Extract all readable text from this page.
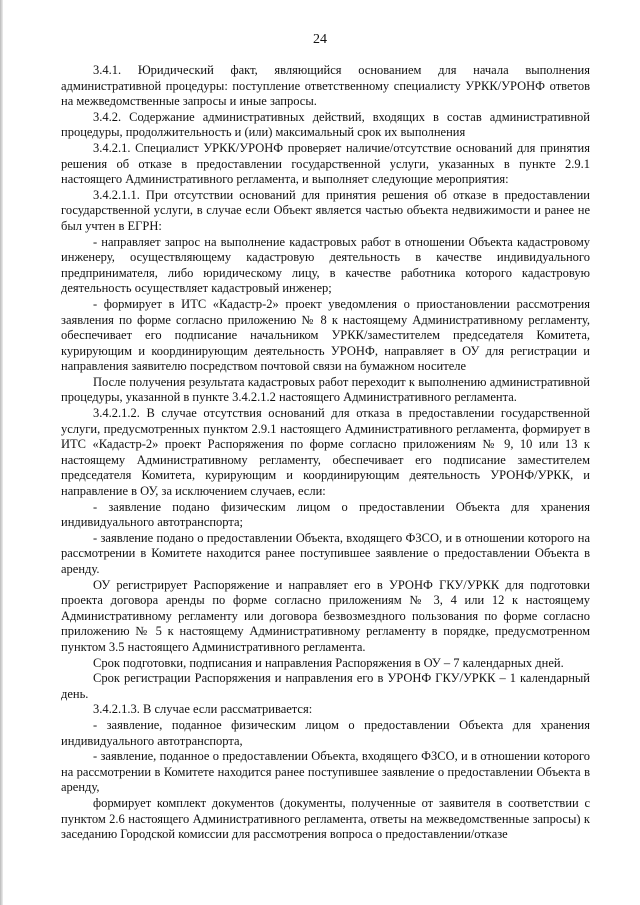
24

3.4.1. Юридический факт, являющийся основанием для начала выполнения административной процедуры: поступление ответственному специалисту УРКК/УРОНФ ответов на межведомственные запросы и иные запросы.

3.4.2. Содержание административных действий, входящих в состав административной процедуры, продолжительность и (или) максимальный срок их выполнения

3.4.2.1. Специалист УРКК/УРОНФ проверяет наличие/отсутствие оснований для принятия решения об отказе в предоставлении государственной услуги, указанных в пункте 2.9.1 настоящего Административного регламента, и выполняет следующие мероприятия:

3.4.2.1.1. При отсутствии оснований для принятия решения об отказе в предоставлении государственной услуги, в случае если Объект является частью объекта недвижимости и ранее не был учтен в ЕГРН:

- направляет запрос на выполнение кадастровых работ в отношении Объекта кадастровому инженеру, осуществляющему кадастровую деятельность в качестве индивидуального предпринимателя, либо юридическому лицу, в качестве работника которого кадастровую деятельность осуществляет кадастровый инженер;

- формирует в ИТС «Кадастр-2» проект уведомления о приостановлении рассмотрения заявления по форме согласно приложению № 8 к настоящему Административному регламенту, обеспечивает его подписание начальником УРКК/заместителем председателя Комитета, курирующим и координирующим деятельность УРОНФ, направляет в ОУ для регистрации и направления заявителю посредством почтовой связи на бумажном носителе

После получения результата кадастровых работ переходит к выполнению административной процедуры, указанной в пункте 3.4.2.1.2 настоящего Административного регламента.

3.4.2.1.2. В случае отсутствия оснований для отказа в предоставлении государственной услуги, предусмотренных пунктом 2.9.1 настоящего Административного регламента, формирует в ИТС «Кадастр-2» проект Распоряжения по форме согласно приложениям № 9, 10 или 13 к настоящему Административному регламенту, обеспечивает его подписание заместителем председателя Комитета, курирующим и координирующим деятельность УРОНФ/УРКК, и направление в ОУ, за исключением случаев, если:

- заявление подано физическим лицом о предоставлении Объекта для хранения индивидуального автотранспорта;

- заявление подано о предоставлении Объекта, входящего ФЗСО, и в отношении которого на рассмотрении в Комитете находится ранее поступившее заявление о предоставлении Объекта в аренду.

ОУ регистрирует Распоряжение и направляет его в УРОНФ ГКУ/УРКК для подготовки проекта договора аренды по форме согласно приложениям № 3, 4 или 12 к настоящему Административному регламенту или договора безвозмездного пользования по форме согласно приложению № 5 к настоящему Административному регламенту в порядке, предусмотренном пунктом 3.5 настоящего Административного регламента.

Срок подготовки, подписания и направления Распоряжения в ОУ – 7 календарных дней.

Срок регистрации Распоряжения и направления его в УРОНФ ГКУ/УРКК – 1 календарный день.

3.4.2.1.3. В случае если рассматривается:

- заявление, поданное физическим лицом о предоставлении Объекта для хранения индивидуального автотранспорта,

- заявление, поданное о предоставлении Объекта, входящего ФЗСО, и в отношении которого на рассмотрении в Комитете находится ранее поступившее заявление о предоставлении Объекта в аренду,

формирует комплект документов (документы, полученные от заявителя в соответствии с пунктом 2.6 настоящего Административного регламента, ответы на межведомственные запросы) к заседанию Городской комиссии для рассмотрения вопроса о предоставлении/отказе
